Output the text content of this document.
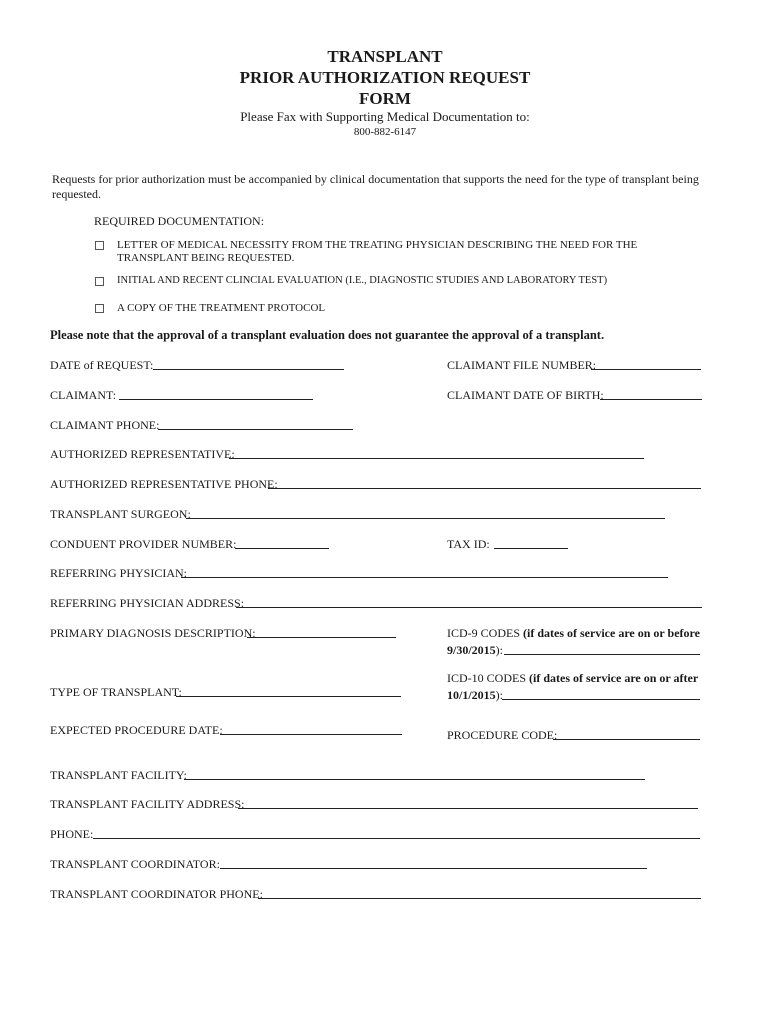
TRANSPLANT
PRIOR AUTHORIZATION REQUEST
FORM
Please Fax with Supporting Medical Documentation to:
800-882-6147
Requests for prior authorization must be accompanied by clinical documentation that supports the need for the type of transplant being requested.
REQUIRED DOCUMENTATION:
LETTER OF MEDICAL NECESSITY FROM THE TREATING PHYSICIAN DESCRIBING THE NEED FOR THE
TRANSPLANT BEING REQUESTED.
INITIAL AND RECENT CLINCIAL EVALUATION (I.E., DIAGNOSTIC STUDIES AND LABORATORY TEST)
A COPY OF THE TREATMENT PROTOCOL
Please note that the approval of a transplant evaluation does not guarantee the approval of a transplant.
DATE of REQUEST:	CLAIMANT FILE NUMBER:
CLAIMANT:	CLAIMANT DATE OF BIRTH:
CLAIMANT PHONE:
AUTHORIZED REPRESENTATIVE:
AUTHORIZED REPRESENTATIVE PHONE:
TRANSPLANT SURGEON:
CONDUENT PROVIDER NUMBER:	TAX ID:
REFERRING PHYSICIAN:
REFERRING PHYSICIAN ADDRESS:
PRIMARY DIAGNOSIS DESCRIPTION:	ICD-9 CODES (if dates of service are on or before
9/30/2015):
ICD-10 CODES (if dates of service are on or after
10/1/2015):
TYPE OF TRANSPLANT:
EXPECTED PROCEDURE DATE:	PROCEDURE CODE:
TRANSPLANT FACILITY:
TRANSPLANT FACILITY ADDRESS:
PHONE:
TRANSPLANT COORDINATOR:
TRANSPLANT COORDINATOR PHONE:
